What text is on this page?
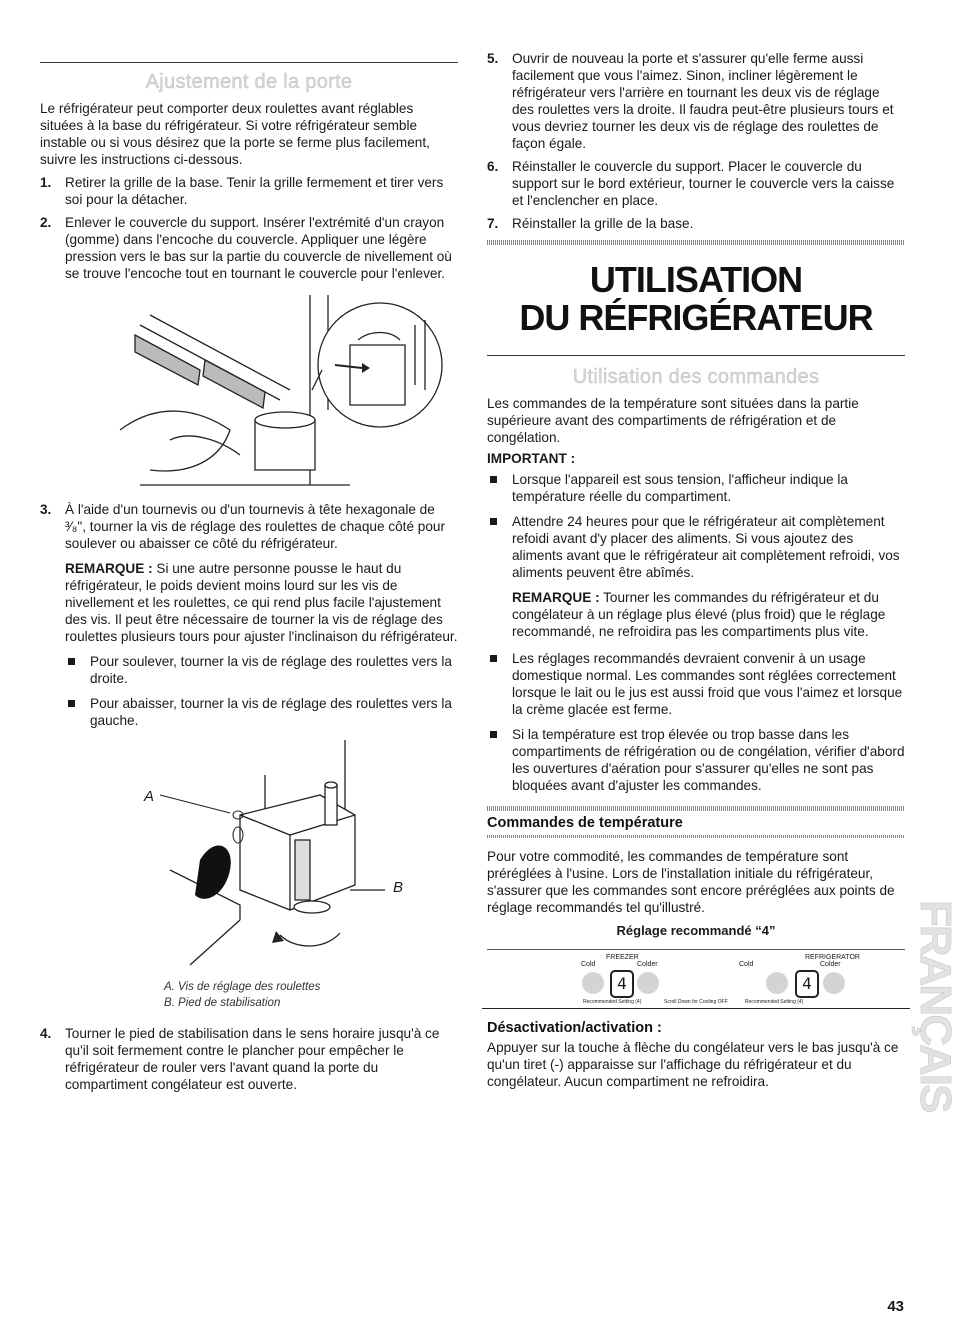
Ajustement de la porte

Le réfrigérateur peut comporter deux roulettes avant réglables situées à la base du réfrigérateur. Si votre réfrigérateur semble instable ou si vous désirez que la porte se ferme plus facilement, suivre les instructions ci-dessous.

1. Retirer la grille de la base. Tenir la grille fermement et tirer vers soi pour la détacher.
2. Enlever le couvercle du support. Insérer l'extrémité d'un crayon (gomme) dans l'encoche du couvercle. Appliquer une légère pression vers le bas sur la partie du couvercle de nivellement où se trouve l'encoche tout en tournant le couvercle pour l'enlever.
3. À l'aide d'un tournevis ou d'un tournevis à tête hexagonale de ³⁄₈", tourner la vis de réglage des roulettes de chaque côté pour soulever ou abaisser ce côté du réfrigérateur.

REMARQUE : Si une autre personne pousse le haut du réfrigérateur, le poids devient moins lourd sur les vis de nivellement et les roulettes, ce qui rend plus facile l'ajustement des vis. Il peut être nécessaire de tourner la vis de réglage des roulettes plusieurs tours pour ajuster l'inclinaison du réfrigérateur.

Pour soulever, tourner la vis de réglage des roulettes vers la droite.
Pour abaisser, tourner la vis de réglage des roulettes vers la gauche.
A
B
A. Vis de réglage des roulettes
B. Pied de stabilisation
4. Tourner le pied de stabilisation dans le sens horaire jusqu'à ce qu'il soit fermement contre le plancher pour empêcher le réfrigérateur de rouler vers l'avant quand la porte du compartiment congélateur est ouverte.
5. Ouvrir de nouveau la porte et s'assurer qu'elle ferme aussi facilement que vous l'aimez. Sinon, incliner légèrement le réfrigérateur vers l'arrière en tournant les deux vis de réglage des roulettes vers la droite. Il faudra peut-être plusieurs tours et vous devriez tourner les deux vis de réglage des roulettes de façon égale.
6. Réinstaller le couvercle du support. Placer le couvercle du support sur le bord extérieur, tourner le couvercle vers la caisse et l'enclencher en place.
7. Réinstaller la grille de la base.
UTILISATION
DU RÉFRIGÉRATEUR
Utilisation des commandes

Les commandes de la température sont situées dans la partie supérieure avant des compartiments de réfrigération et de congélation.

IMPORTANT :

Lorsque l'appareil est sous tension, l'afficheur indique la température réelle du compartiment.
Attendre 24 heures pour que le réfrigérateur ait complètement refoidi avant d'y placer des aliments. Si vous ajoutez des aliments avant que le réfrigérateur ait complètement refroidi, vos aliments peuvent être abîmés.

REMARQUE : Tourner les commandes du réfrigérateur et du congélateur à un réglage plus élevé (plus froid) que le réglage recommandé, ne refroidira pas les compartiments plus vite.

Les réglages recommandés devraient convenir à un usage domestique normal. Les commandes sont réglées correctement lorsque le lait ou le jus est aussi froid que vous l'aimez et lorsque la crème glacée est ferme.
Si la température est trop élevée ou trop basse dans les compartiments de réfrigération ou de congélation, vérifier d'abord les ouvertures d'aération pour s'assurer qu'elles ne sont pas bloquées avant d'ajuster les commandes.

Commandes de température

Pour votre commodité, les commandes de température sont préréglées à l'usine. Lors de l'installation initiale du réfrigérateur, s'assurer que les commandes sont encore préréglées aux points de réglage recommandés tel qu'illustré.

Réglage recommandé “4”

FREEZER	REFRIGERATOR
Cold	Colder	Cold	Colder
4	4
Recommended Setting (4)	Scroll Down for Cooling OFF	Recommended Setting (4)

Désactivation/activation :

Appuyer sur la touche à flèche du congélateur vers le bas jusqu'à ce qu'un tiret (-) apparaisse sur l'affichage du réfrigérateur et du congélateur. Aucun compartiment ne refroidira.	FRANÇAIS
43
